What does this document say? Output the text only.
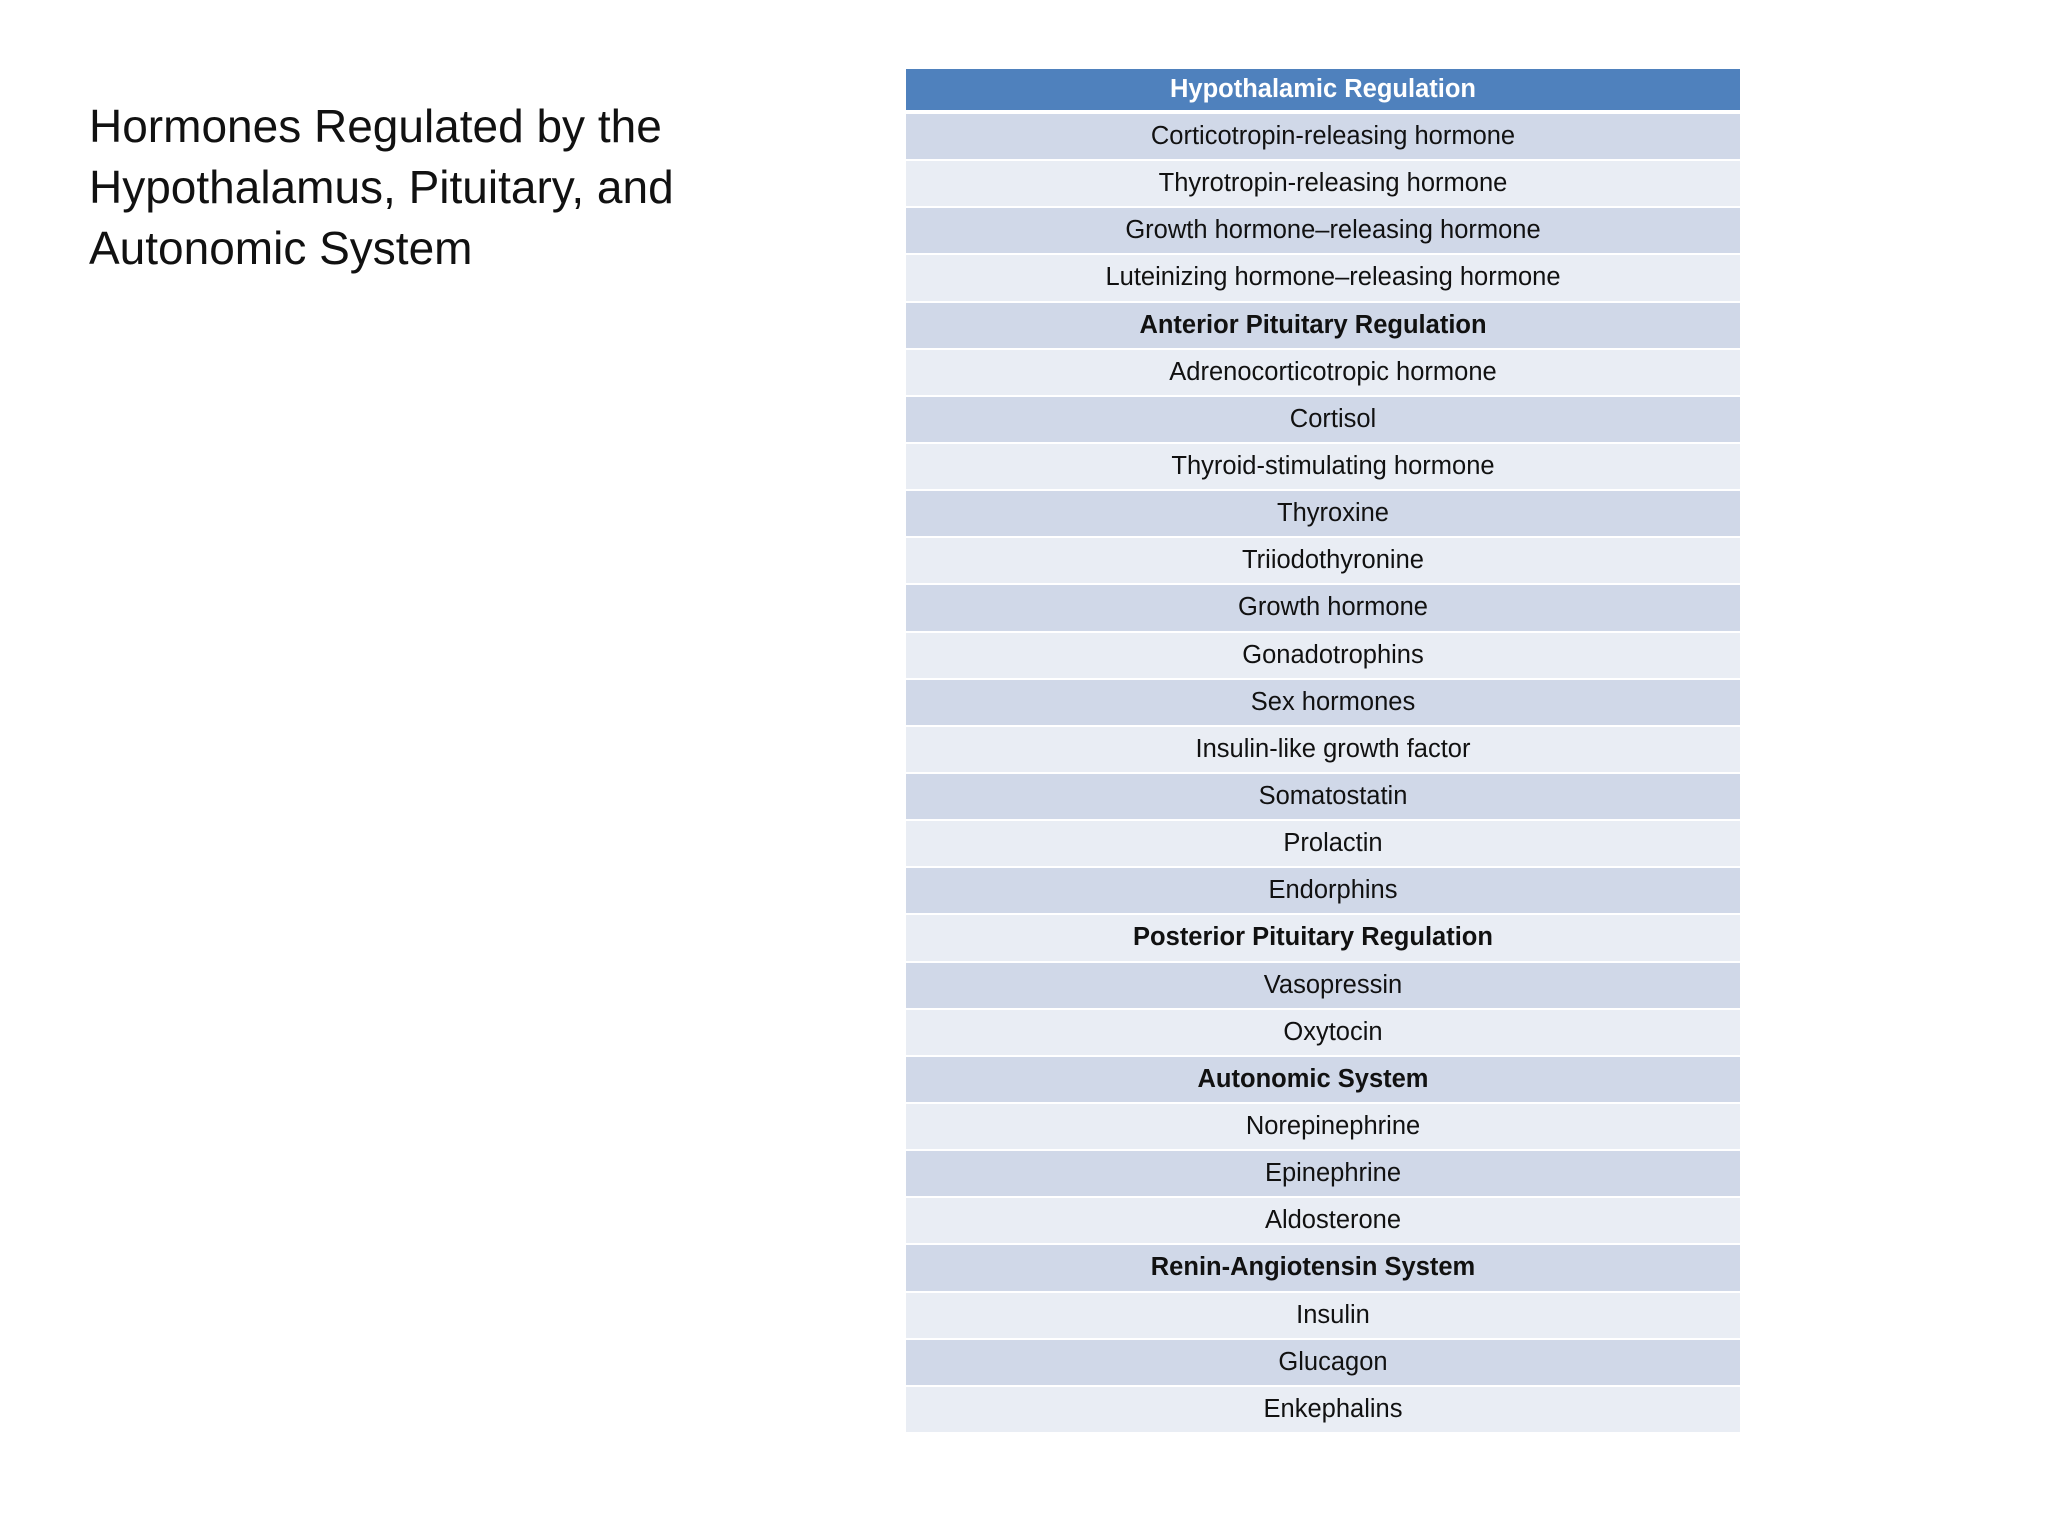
Hormones Regulated by the Hypothalamus, Pituitary, and Autonomic System
Hypothalamic Regulation
Corticotropin-releasing hormone
Thyrotropin-releasing hormone
Growth hormone–releasing hormone
Luteinizing hormone–releasing hormone
Anterior Pituitary Regulation
Adrenocorticotropic hormone
Cortisol
Thyroid-stimulating hormone
Thyroxine
Triiodothyronine
Growth hormone
Gonadotrophins
Sex hormones
Insulin-like growth factor
Somatostatin
Prolactin
Endorphins
Posterior Pituitary Regulation
Vasopressin
Oxytocin
Autonomic System
Norepinephrine
Epinephrine
Aldosterone
Renin-Angiotensin System
Insulin
Glucagon
Enkephalins
